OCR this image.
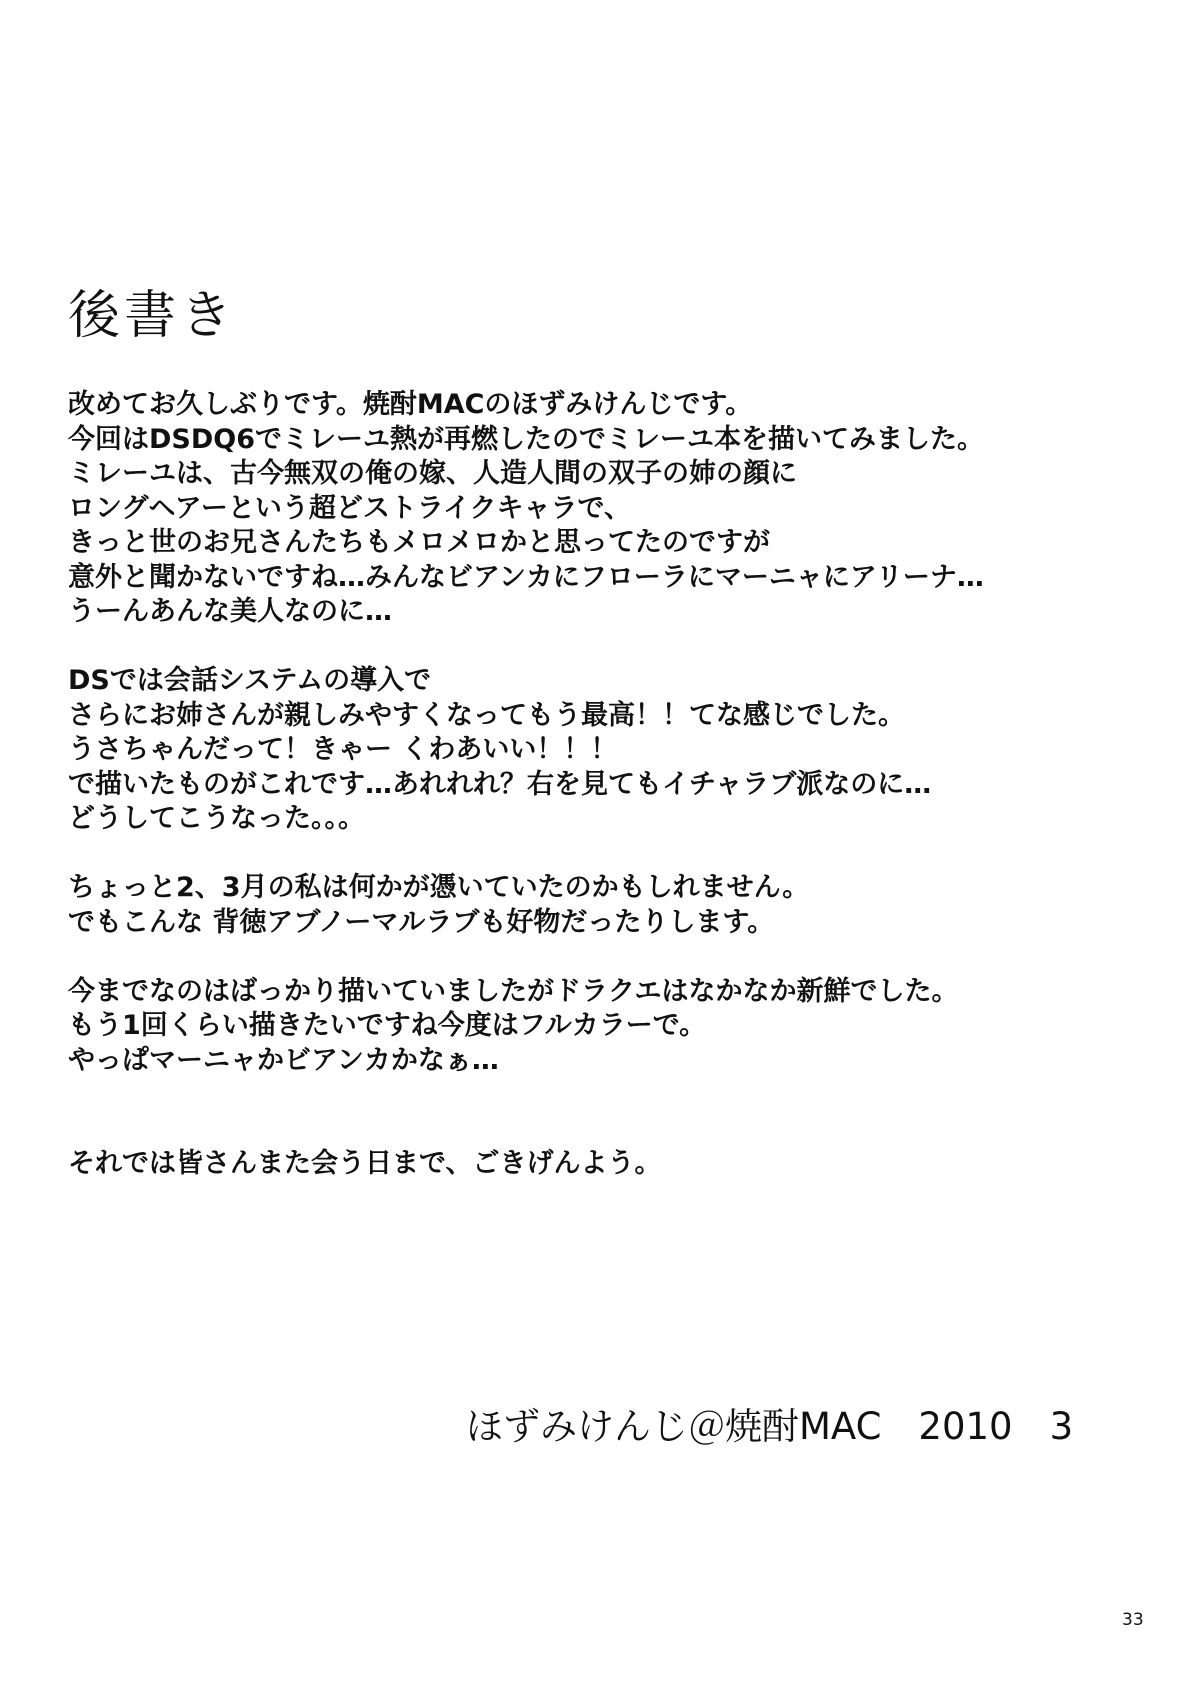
後書き
改めてお久しぶりです。焼酎MACのほずみけんじです。
今回はDSDQ6でミレーユ熱が再燃したのでミレーユ本を描いてみました。
ミレーユは、古今無双の俺の嫁、人造人間の双子の姉の顔に
ロングヘアーという超どストライクキャラで、
きっと世のお兄さんたちもメロメロかと思ってたのですが
意外と聞かないですね…みんなビアンカにフローラにマーニャにアリーナ…
うーんあんな美人なのに…
DSでは会話システムの導入で
さらにお姉さんが親しみやすくなってもう最高！！てな感じでした。
うさちゃんだって！きゃー くわあいい！！！
で描いたものがこれです…あれれれ？右を見てもイチャラブ派なのに…
どうしてこうなった。。。
ちょっと2、3月の私は何かが憑いていたのかもしれません。
でもこんな 背徳アブノーマルラブも好物だったりします。
今までなのはばっかり描いていましたがドラクエはなかなか新鮮でした。
もう1回くらい描きたいですね今度はフルカラーで。
やっぱマーニャかビアンカかなぁ…
それでは皆さんまた会う日まで、ごきげんよう。
ほずみけんじ＠焼酎MAC　2010　3
33
